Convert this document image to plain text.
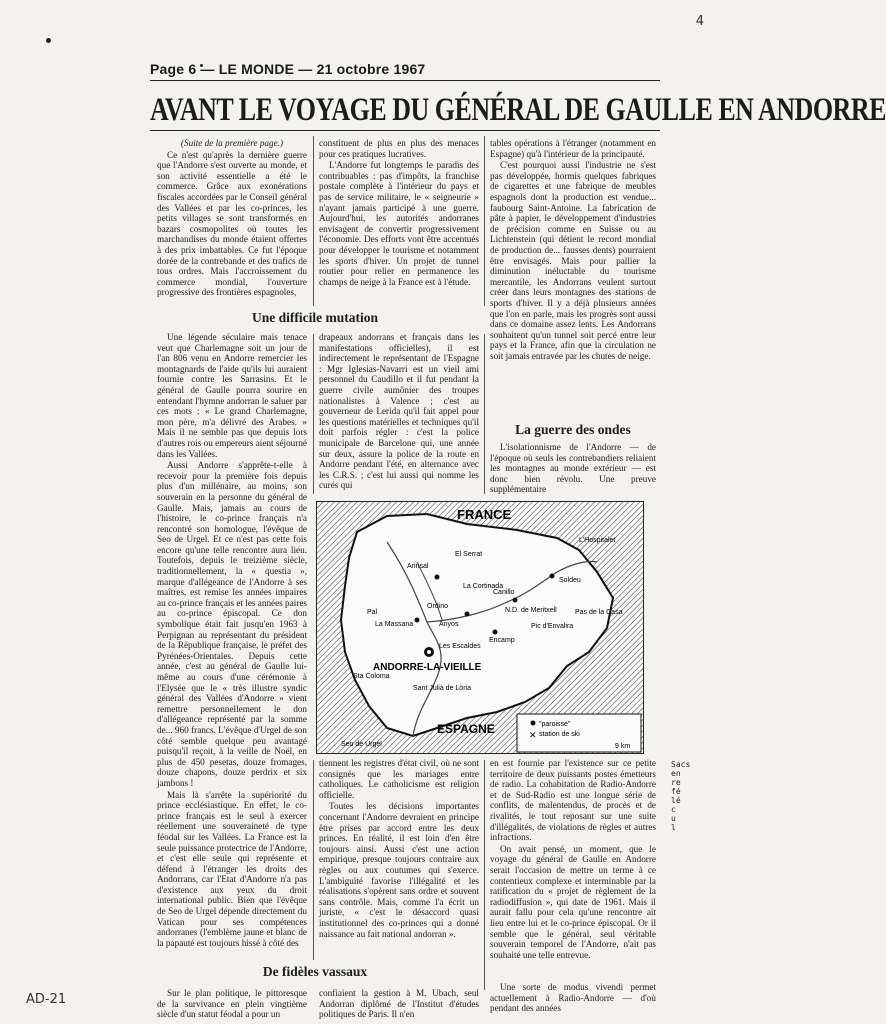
4
Page 6 — LE MONDE — 21 octobre 1967
AVANT LE VOYAGE DU GÉNÉRAL DE GAULLE EN ANDORRE

(Suite de la première page.)

Ce n'est qu'après la dernière guerre que l'Andorre s'est ouverte au monde, et son activité essentielle a été le commerce. Grâce aux exonérations fiscales accordées par le Conseil général des Vallées et par les co-princes, les petits villages se sont transformés en bazars cosmopolites où toutes les marchandises du monde étaient offertes à des prix imbattables. Ce fut l'époque dorée de la contrebande et des trafics de tous ordres. Mais l'accroissement du commerce mondial, l'ouverture progressive des frontières espagnoles,

constituent de plus en plus des menaces pour ces pratiques lucratives.

L'Andorre fut longtemps le paradis des contribuables : pas d'impôts, la franchise postale complète à l'intérieur du pays et pas de service militaire, le « seigneurie » n'ayant jamais participé à une guerre. Aujourd'hui, les autorités andorranes envisagent de convertir progressivement l'économie. Des efforts vont être accentués pour développer le tourisme et notamment les sports d'hiver. Un projet de tunnel routier pour relier en permanence les champs de neige à la France est à l'étude.

tables opérations à l'étranger (notamment en Espagne) qu'à l'intérieur de la principauté.

C'est pourquoi aussi l'industrie ne s'est pas développée, hormis quelques fabriques de cigarettes et une fabrique de meubles espagnols dont la production est vendue... faubourg Saint-Antoine. La fabrication de pâte à papier, le développement d'industries de précision comme en Suisse ou au Lichtenstein (qui détient le record mondial de production de... fausses dents) pourraient être envisagés. Mais pour pallier la diminution inéluctable du tourisme mercantile, les Andorrans veulent surtout créer dans leurs montagnes des stations de sports d'hiver. Il y a déjà plusieurs années que l'on en parle, mais les progrès sont aussi dans ce domaine assez lents. Les Andorrans souhaitent qu'un tunnel soit percé entre leur pays et la France, afin que la circulation ne soit jamais entravée par les chutes de neige.

Une difficile mutation

Une légende séculaire mais tenace veut que Charlemagne soit un jour de l'an 806 venu en Andorre remercier les montagnards de l'aide qu'ils lui auraient fournie contre les Sarrasins. Et le général de Gaulle pourra sourire en entendant l'hymne andorran le saluer par ces mots : « Le grand Charlemagne, mon père, m'a délivré des Arabes. » Mais il ne semble pas que depuis lors d'autres rois ou empereurs aient séjourné dans les Vallées.

Aussi Andorre s'apprête-t-elle à recevoir pour la première fois depuis plus d'un millénaire, au moins, son souverain en la personne du général de Gaulle. Mais, jamais au cours de l'histoire, le co-prince français n'a rencontré son homologue, l'évêque de Seo de Urgel. Et ce n'est pas cette fois encore qu'une telle rencontre aura lieu. Toutefois, depuis le treizième siècle, traditionnellement, la « questia », marque d'allégeance de l'Andorre à ses maîtres, est remise les années impaires au co-prince français et les années paires au co-prince épiscopal. Ce don symbolique était fait jusqu'en 1963 à Perpignan au représentant du président de la République française, le préfet des Pyrénées-Orientales. Depuis cette année, c'est au général de Gaulle lui-même au cours d'une cérémonie à l'Elysée que le « très illustre syndic général des Vallées d'Andorre » vient remettre personnellement le don d'allégeance représenté par la somme de... 960 francs. L'évêque d'Urgel de son côté semble quelque peu avantagé puisqu'il reçoit, à la veille de Noël, en plus de 450 pesetas, douze fromages, douze chapons, douze perdrix et six jambons !

Mais là s'arrête la supériorité du prince ecclésiastique. En effet, le co-prince français est le seul à exercer réellement une souveraineté de type féodal sur les Vallées. La France est la seule puissance protectrice de l'Andorre, et c'est elle seule qui représente et défend à l'étranger les droits des Andorrans, car l'Etat d'Andorre n'a pas d'existence aux yeux du droit international public. Bien que l'évêque de Seo de Urgel dépende directement du Vatican pour ses compétences andorranes (l'emblème jaune et blanc de la papauté est toujours hissé à côté des

drapeaux andorrans et français dans les manifestations officielles), il est indirectement le représentant de l'Espagne : Mgr Iglesias-Navarri est un vieil ami personnel du Caudillo et il fut pendant la guerre civile aumônier des troupes nationalistes à Valence ; c'est au gouverneur de Lerida qu'il fait appel pour les questions matérielles et techniques qu'il doit parfois régler : c'est la police municipale de Barcelone qui, une année sur deux, assure la police de la route en Andorre pendant l'été, en alternance avec les C.R.S. ; c'est lui aussi qui nomme les curés qui

La guerre des ondes

L'isolationnisme de l'Andorre — de l'époque où seuls les contrebandiers reliaient les montagnes au monde extérieur — est donc bien révolu. Une preuve supplémentaire

"paroisse"
✕ station de ski
9 km
FRANCE
ESPAGNE
ANDORRE-LA-VIEILLE
El Serrat
Arinsal
La Cortinada
Canillo
Soldeu
Ordino
Pal
La Massana	Anyos
N.D. de Meritxell
Encamp
Les Escaldes
Sant Julià de Lòria
Sta Coloma
L'Hospitalet
Pas de la Casa
Seo de Urgel
Pic d'Envalira

tiennent les registres d'état civil, où ne sont consignés que les mariages entre catholiques. Le catholicisme est religion officielle.

Toutes les décisions importantes concernant l'Andorre devraient en principe être prises par accord entre les deux princes. En réalité, il est loin d'en être toujours ainsi. Aussi c'est une action empirique, presque toujours contraire aux règles ou aux coutumes qui s'exerce. L'ambiguïté favorise l'illégalité et les réalisations s'opèrent sans ordre et souvent sans contrôle. Mais, comme l'a écrit un juriste, « c'est le désaccord quasi institutionnel des co-princes qui a donné naissance au fait national andorran ».

en est fournie par l'existence sur ce petite territoire de deux puissants postes émetteurs de radio. La cohabitation de Radio-Andorre et de Sud-Radio est une longue série de conflits, de malentendus, de procès et de rivalités, le tout reposant sur une suite d'illégalités, de violations de règles et autres infractions.

On avait pensé, un moment, que le voyage du général de Gaulle en Andorre serait l'occasion de mettre un terme à ce contentieux complexe et interminable par la ratification du « projet de règlement de la radiodiffusion », qui date de 1961. Mais il aurait fallu pour cela qu'une rencontre ait lieu entre lui et le co-prince épiscopal. Or il semble que le général, seul véritable souverain temporel de l'Andorre, n'ait pas souhaité une telle entrevue.

De fidèles vassaux

Sur le plan politique, le pittoresque de la survivance en plein vingtième siècle d'un statut féodal a pour un

confiaient la gestion à M. Ubach, seul Andorran diplômé de l'Institut d'études politiques de Paris. Il n'en

Une sorte de modus vivendi permet actuellement à Radio-Andorre — d'où pendant des années

Sacs en re fé lé c u l
AD-21
